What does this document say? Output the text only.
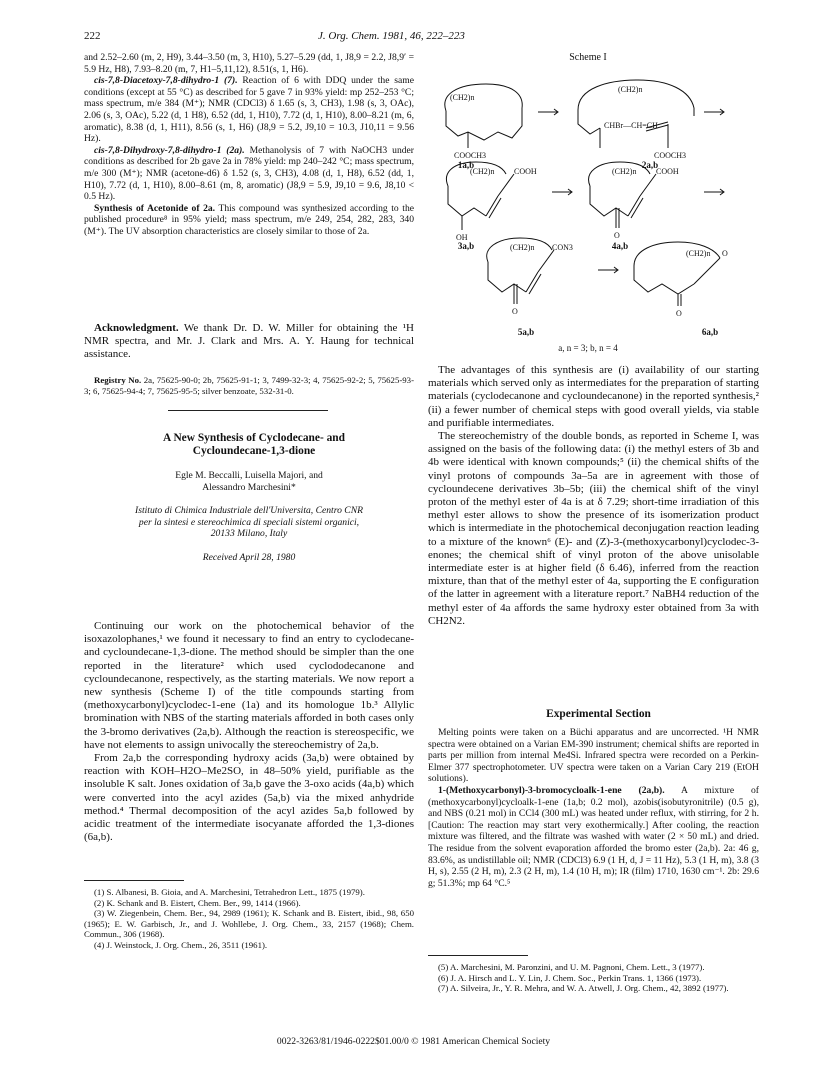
222	J. Org. Chem. 1981, 46, 222–223

and 2.52–2.60 (m, 2, H9), 3.44–3.50 (m, 3, H10), 5.27–5.29 (dd, 1, J8,9 = 2.2, J8,9′ = 5.9 Hz, H8), 7.93–8.20 (m, 7, H1–5,11,12), 8.51(s, 1, H6).

cis-7,8-Diacetoxy-7,8-dihydro-1 (7). Reaction of 6 with DDQ under the same conditions (except at 55 °C) as described for 5 gave 7 in 93% yield: mp 252–253 °C; mass spectrum, m/e 384 (M⁺); NMR (CDCl3) δ 1.65 (s, 3, CH3), 1.98 (s, 3, OAc), 2.06 (s, 3, OAc), 5.22 (d, 1 H8), 6.52 (dd, 1, H10), 7.72 (d, 1, H10), 8.00–8.21 (m, 6, aromatic), 8.38 (d, 1, H11), 8.56 (s, 1, H6) (J8,9 = 5.2, J9,10 = 10.3, J10,11 = 9.56 Hz).

cis-7,8-Dihydroxy-7,8-dihydro-1 (2a). Methanolysis of 7 with NaOCH3 under conditions as described for 2b gave 2a in 78% yield: mp 240–242 °C; mass spectrum, m/e 300 (M⁺); NMR (acetone-d6) δ 1.52 (s, 3, CH3), 4.08 (d, 1, H8), 6.52 (dd, 1, H10), 7.72 (d, 1, H10), 8.00–8.61 (m, 8, aromatic) (J8,9 = 5.9, J9,10 = 9.6, J8,10 < 0.5 Hz).

Synthesis of Acetonide of 2a. This compound was synthesized according to the published procedure⁸ in 95% yield; mass spectrum, m/e 249, 254, 282, 283, 340 (M⁺). The UV absorption characteristics are closely similar to those of 2a.

Acknowledgment. We thank Dr. D. W. Miller for obtaining the ¹H NMR spectra, and Mr. J. Clark and Mrs. A. Y. Haung for technical assistance.

Registry No. 2a, 75625-90-0; 2b, 75625-91-1; 3, 7499-32-3; 4, 75625-92-2; 5, 75625-93-3; 6, 75625-94-4; 7, 75625-95-5; silver benzoate, 532-31-0.

A New Synthesis of Cyclodecane- and

Cycloundecane-1,3-dione

Egle M. Beccalli, Luisella Majori, and

Alessandro Marchesini*

Istituto di Chimica Industriale dell'Universita, Centro CNR

per la sintesi e stereochimica di speciali sistemi organici,

20133 Milano, Italy

Received April 28, 1980

Continuing our work on the photochemical behavior of the isoxazolophanes,¹ we found it necessary to find an entry to cyclodecane- and cycloundecane-1,3-dione. The method should be simpler than the one reported in the literature² which used cyclododecanone and cycloundecanone, respectively, as the starting materials. We now report a new synthesis (Scheme I) of the title compounds starting from (methoxycarbonyl)cyclodec-1-ene (1a) and its homologue 1b.³ Allylic bromination with NBS of the starting materials afforded in both cases only the 3-bromo derivatives (2a,b). Although the reaction is stereospecific, we have not elements to assign univocally the stereochemistry of 2a,b.

From 2a,b the corresponding hydroxy acids (3a,b) were obtained by reaction with KOH–H2O–Me2SO, in 48–50% yield, purifiable as the insoluble K salt. Jones oxidation of 3a,b gave the 3-oxo acids (4a,b) which were converted into the acyl azides (5a,b) via the mixed anhydride method.⁴ Thermal decomposition of the acyl azides 5a,b followed by acidic treatment of the intermediate isocyanate afforded the 1,3-diones (6a,b).

(1) S. Albanesi, B. Gioia, and A. Marchesini, Tetrahedron Lett., 1875 (1979).

(2) K. Schank and B. Eistert, Chem. Ber., 99, 1414 (1966).

(3) W. Ziegenbein, Chem. Ber., 94, 2989 (1961); K. Schank and B. Eistert, ibid., 98, 650 (1965); E. W. Garbisch, Jr., and J. Wohllebe, J. Org. Chem., 33, 2157 (1968); Chem. Commun., 306 (1968).

(4) J. Weinstock, J. Org. Chem., 26, 3511 (1961).

Scheme I
(CH2)n
COOCH3
(CH2)n
CHBr—CH=CH
COOCH3
(CH2)n COOH
OH
(CH2)n COOH
O
(CH2)n CON3
O
(CH2)n O
O
1a,b	2a,b
3a,b	4a,b
5a,b	6a,b
a, n = 3; b, n = 4

The advantages of this synthesis are (i) availability of our starting materials which served only as intermediates for the preparation of starting materials (cyclodecanone and cycloundecanone) in the reported synthesis,² (ii) a fewer number of chemical steps with good overall yields, via stable and purifiable intermediates.

The stereochemistry of the double bonds, as reported in Scheme I, was assigned on the basis of the following data: (i) the methyl esters of 3b and 4b were identical with known compounds;⁵ (ii) the chemical shifts of the vinyl protons of compounds 3a–5a are in agreement with those of cycloundecene derivatives 3b–5b; (iii) the chemical shift of the vinyl proton of the methyl ester of 4a is at δ 7.29; short-time irradiation of this methyl ester allows to show the presence of its isomerization product which is intermediate in the photochemical deconjugation reaction leading to a mixture of the known⁶ (E)- and (Z)-3-(methoxycarbonyl)cyclodec-3-enones; the chemical shift of vinyl proton of the above unisolable intermediate ester is at higher field (δ 6.46), inferred from the reaction mixture, than that of the methyl ester of 4a, supporting the E configuration of the latter in agreement with a literature report.⁷ NaBH4 reduction of the methyl ester of 4a affords the same hydroxy ester obtained from 3a with CH2N2.

Experimental Section

Melting points were taken on a Büchi apparatus and are uncorrected. ¹H NMR spectra were obtained on a Varian EM-390 instrument; chemical shifts are reported in parts per million from internal Me4Si. Infrared spectra were recorded on a Perkin-Elmer 377 spectrophotometer. UV spectra were taken on a Varian Cary 219 (EtOH solutions).

1-(Methoxycarbonyl)-3-bromocycloalk-1-ene (2a,b). A mixture of (methoxycarbonyl)cycloalk-1-ene (1a,b; 0.2 mol), azobis(isobutyronitrile) (0.5 g), and NBS (0.21 mol) in CCl4 (300 mL) was heated under reflux, with stirring, for 2 h. [Caution: The reaction may start very exothermically.] After cooling, the reaction mixture was filtered, and the filtrate was washed with water (2 × 50 mL) and dried. The residue from the solvent evaporation afforded the bromo ester (2a,b). 2a: 46 g, 83.6%, as undistillable oil; NMR (CDCl3) 6.9 (1 H, d, J = 11 Hz), 5.3 (1 H, m), 3.8 (3 H, s), 2.55 (2 H, m), 2.3 (2 H, m), 1.4 (10 H, m); IR (film) 1710, 1630 cm⁻¹. 2b: 29.6 g; 51.3%; mp 64 °C.⁵

(5) A. Marchesini, M. Paronzini, and U. M. Pagnoni, Chem. Lett., 3 (1977).

(6) J. A. Hirsch and L. Y. Lin, J. Chem. Soc., Perkin Trans. 1, 1366 (1973).

(7) A. Silveira, Jr., Y. R. Mehra, and W. A. Atwell, J. Org. Chem., 42, 3892 (1977).

0022-3263/81/1946-0222$01.00/0 © 1981 American Chemical Society
